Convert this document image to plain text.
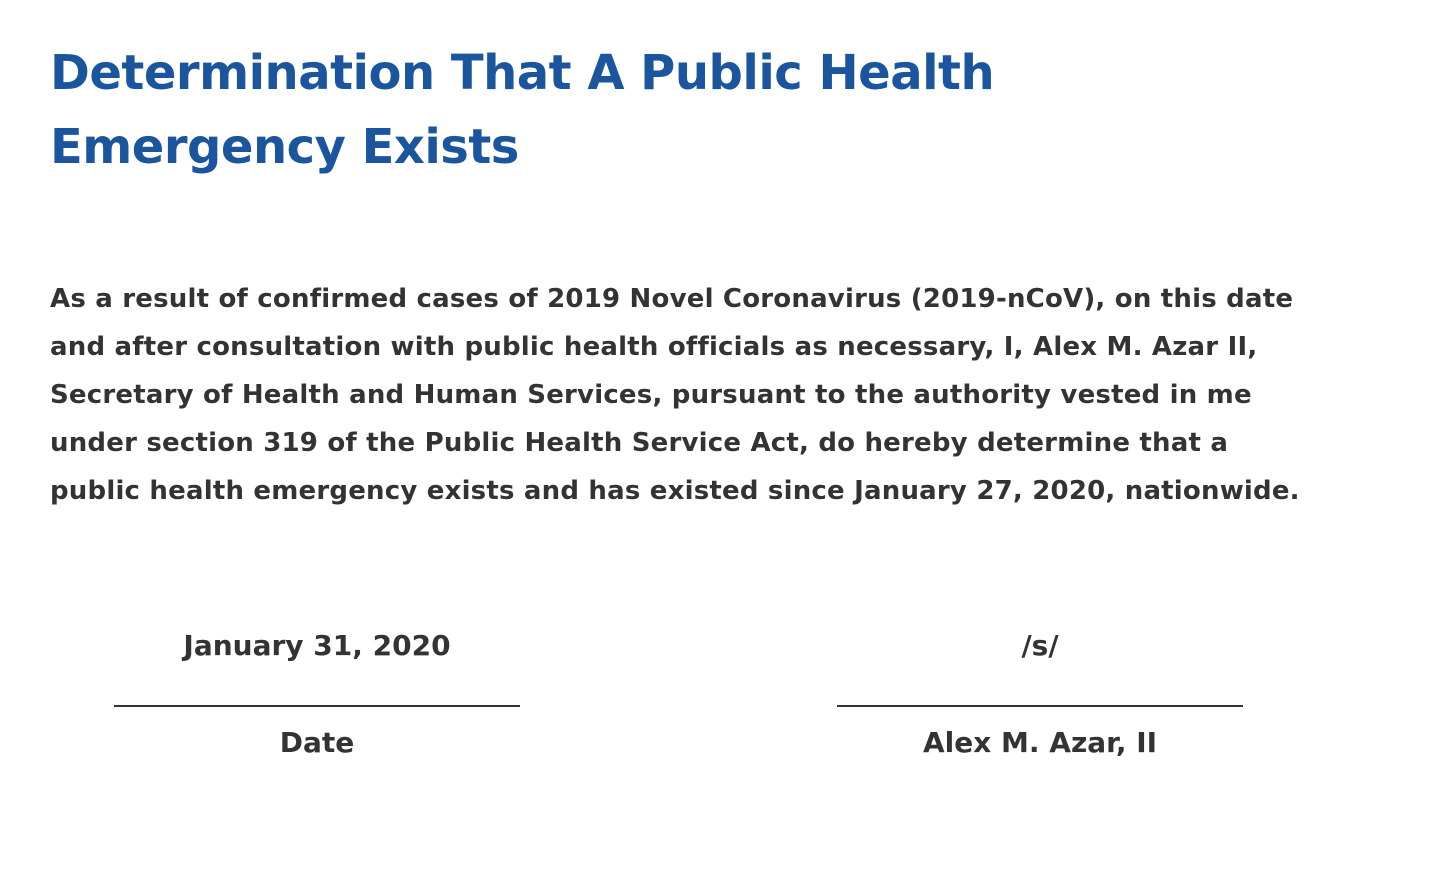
Determination That A Public Health
Emergency Exists

As a result of confirmed cases of 2019 Novel Coronavirus (2019-nCoV), on this date
and after consultation with public health officials as necessary, I, Alex M. Azar II,
Secretary of Health and Human Services, pursuant to the authority vested in me
under section 319 of the Public Health Service Act, do hereby determine that a
public health emergency exists and has existed since January 27, 2020, nationwide.

January 31, 2020
Date
/s/
Alex M. Azar, II
